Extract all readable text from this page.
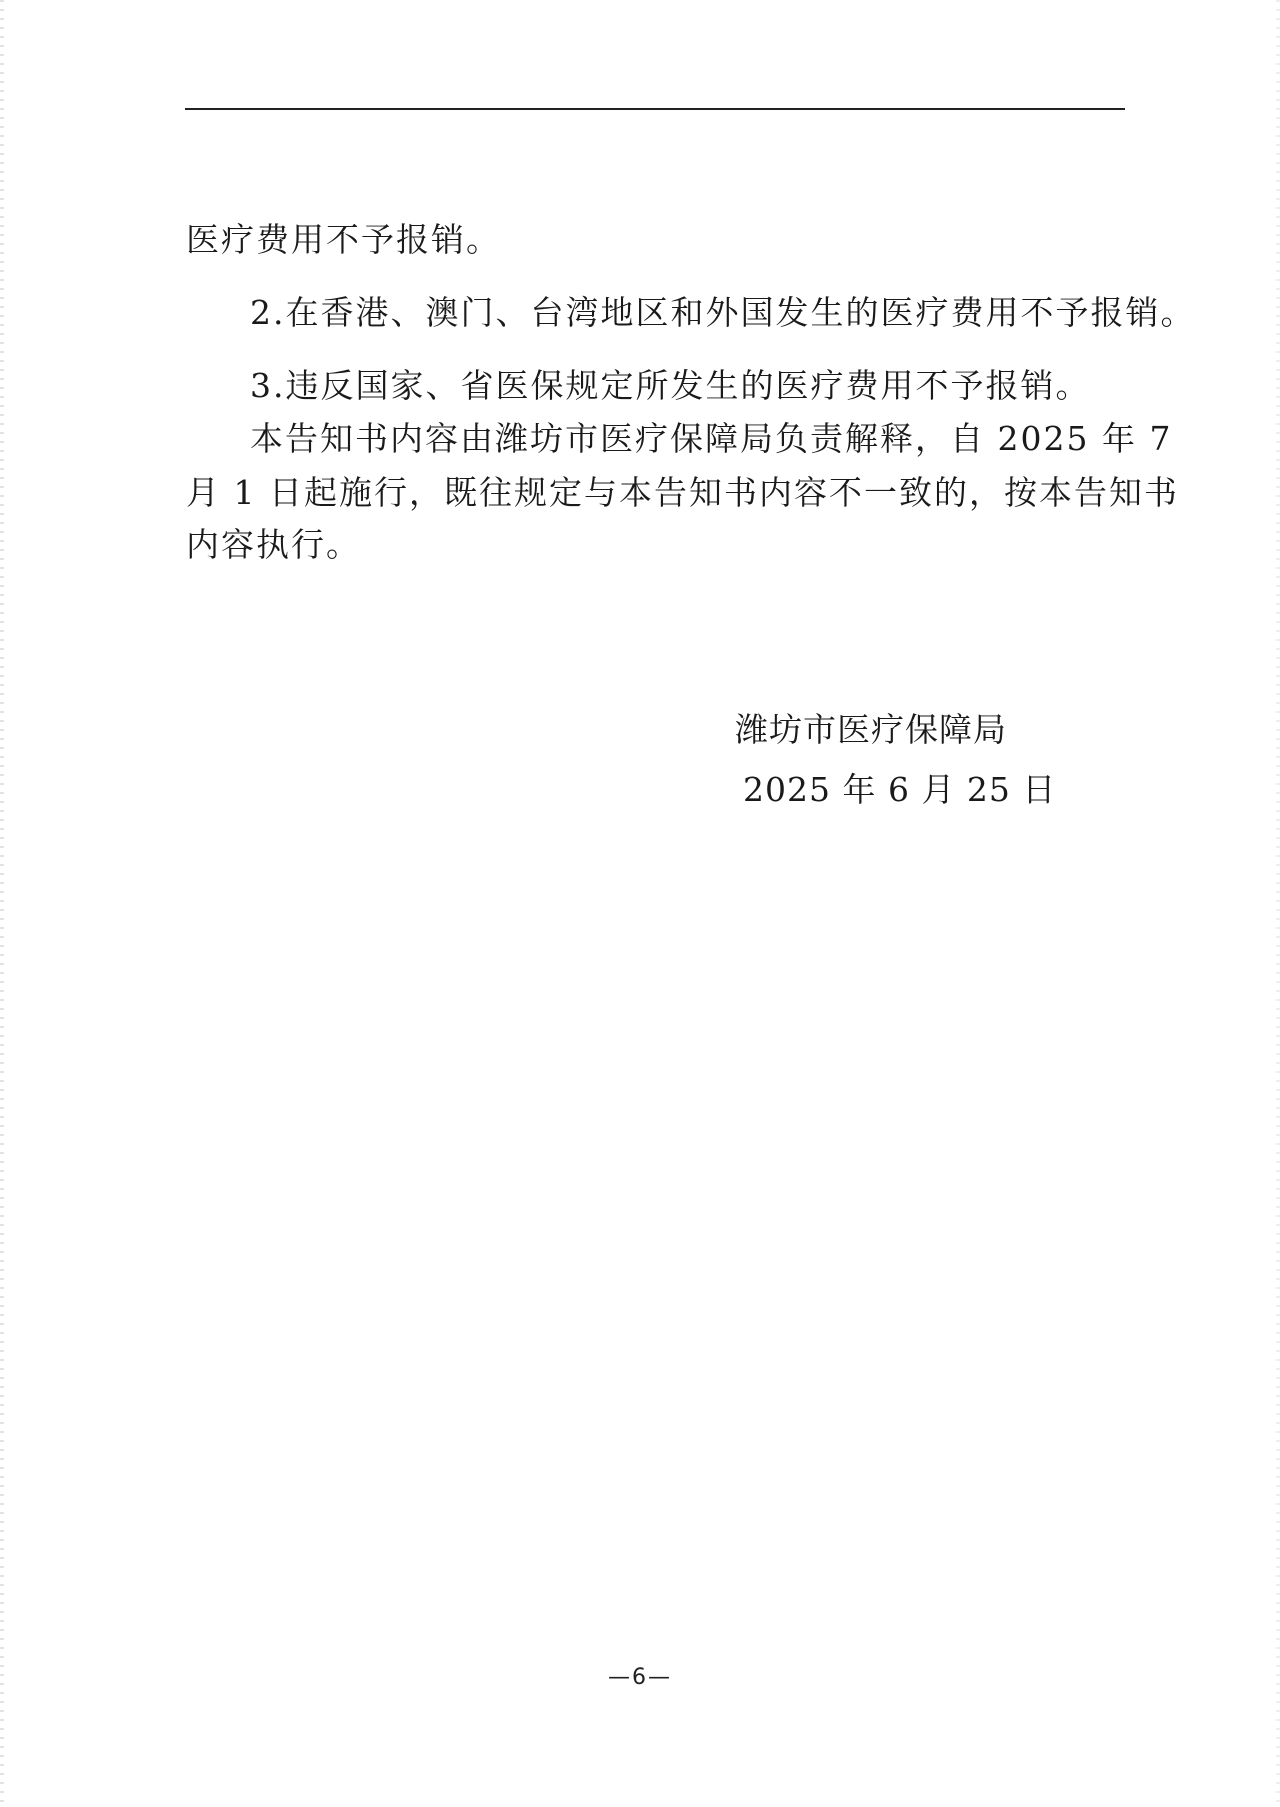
医疗费用不予报销。
2.在香港、澳门、台湾地区和外国发生的医疗费用不予报销。
3.违反国家、省医保规定所发生的医疗费用不予报销。
本告知书内容由潍坊市医疗保障局负责解释，自 2025 年 7
月 1 日起施行，既往规定与本告知书内容不一致的，按本告知书
内容执行。
潍坊市医疗保障局
2025 年 6 月 25 日
—6—
